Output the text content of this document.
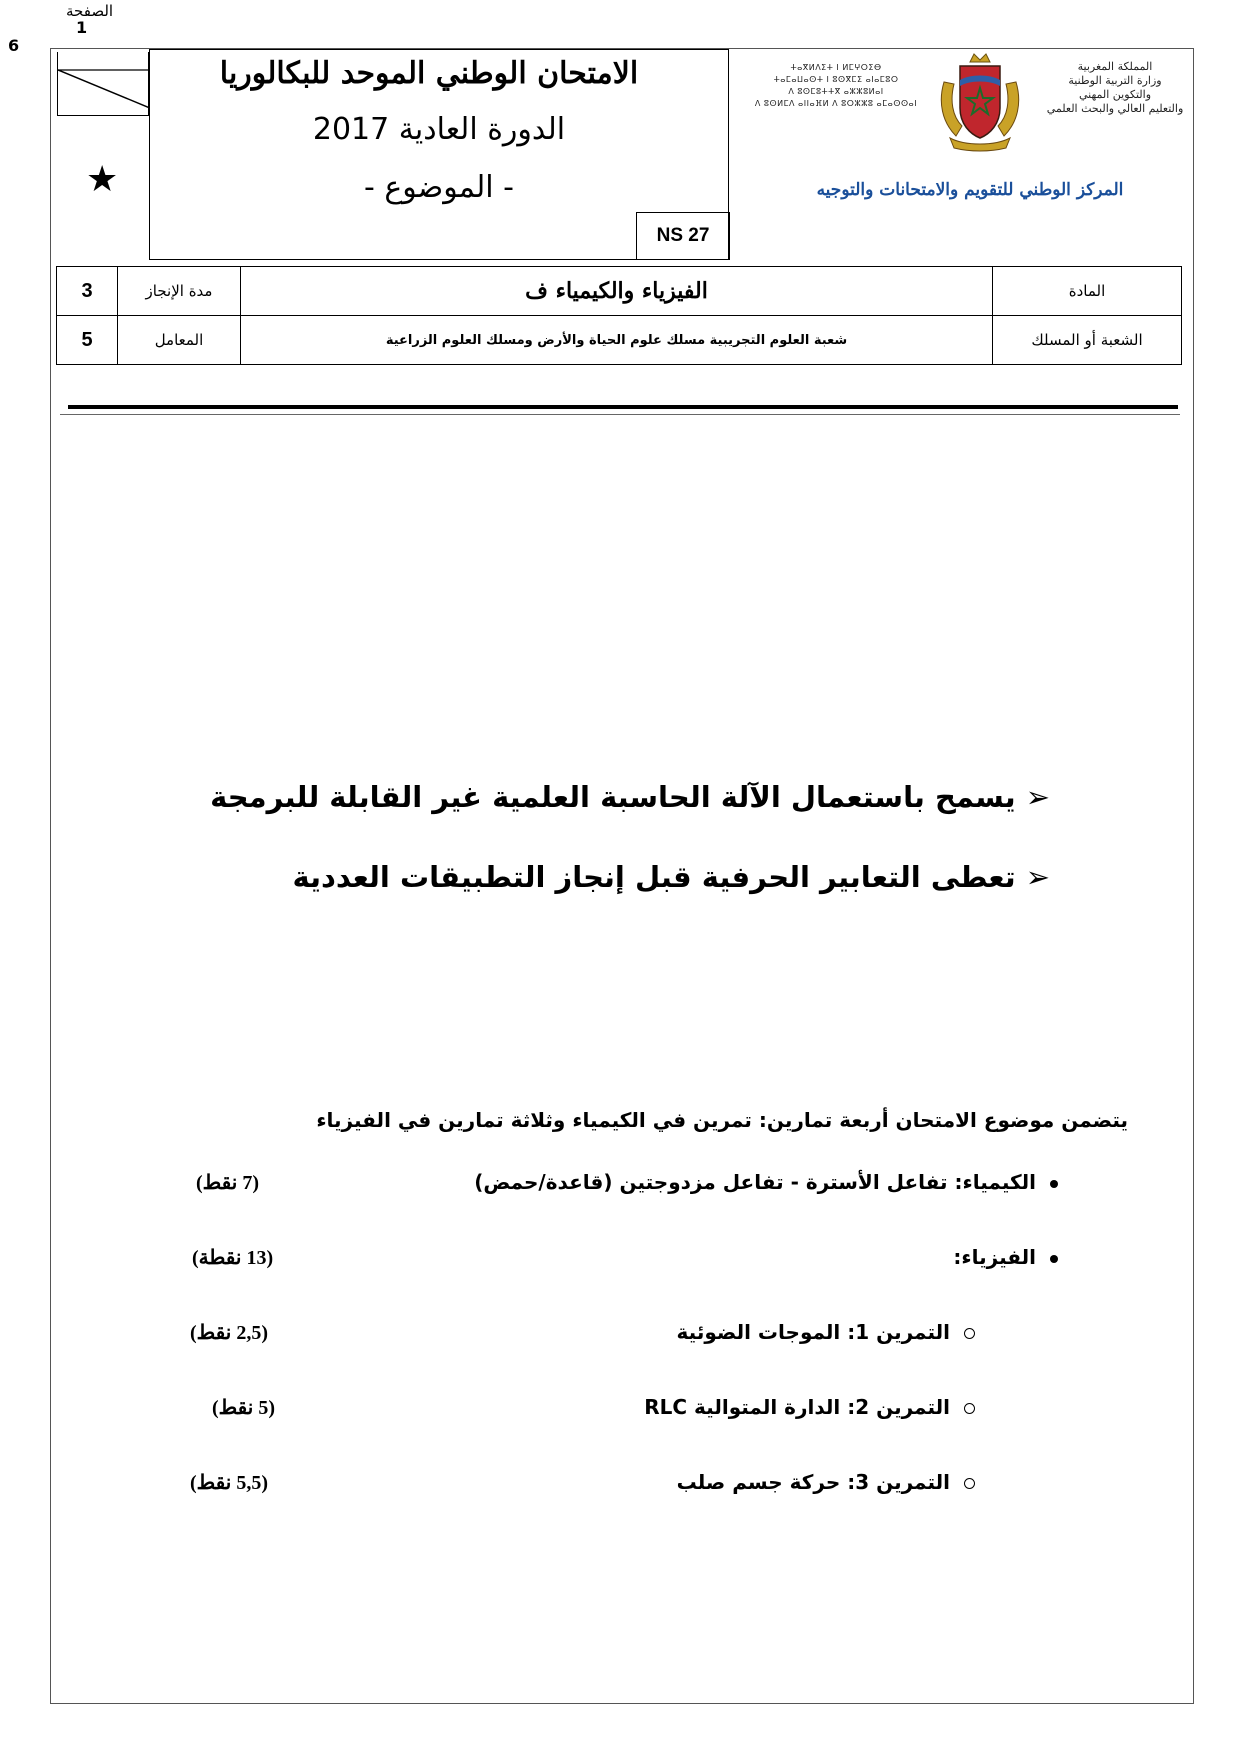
الصفحة
1
6
★
الامتحان الوطني الموحد للبكالوريا
الدورة العادية 2017
- الموضوع -
NS 27
ⵜⴰⴳⵍⴷⵉⵜ ⵏ ⵍⵎⵖⵔⵉⴱ
ⵜⴰⵎⴰⵡⴰⵙⵜ ⵏ ⵓⵙⴳⵎⵉ ⴰⵏⴰⵎⵓⵔ
ⴷ ⵓⵙⵎⵓⵜⵜⴳ ⴰⵣⵣⵓⵍⴰⵏ
ⴷ ⵓⵙⵍⵎⴷ ⴰⵏⵏⴰⴼⵍ ⴷ ⵓⵔⵣⵣⵓ ⴰⵎⴰⵙⵙⴰⵏ
المملكة المغربية
وزارة التربية الوطنية
والتكوين المهني
والتعليم العالي والبحث العلمي
المركز الوطني للتقويم والامتحانات والتوجيه
3	مدة الإنجاز	الفيزياء والكيمياء ف	المادة
5	المعامل	شعبة العلوم التجريبية مسلك علوم الحياة والأرض ومسلك العلوم الزراعية	الشعبة أو المسلك
➢يسمح باستعمال الآلة الحاسبة العلمية غير القابلة للبرمجة
➢تعطى التعابير الحرفية قبل إنجاز التطبيقات العددية
يتضمن موضوع الامتحان أربعة تمارين: تمرين في الكيمياء وثلاثة تمارين في الفيزياء
الكيمياء: تفاعل الأسترة - تفاعل مزدوجتين (قاعدة/حمض)
(7 نقط)
الفيزياء:
(13 نقطة)
التمرين 1: الموجات الضوئية
(2,5 نقط)
التمرين 2: الدارة المتوالية RLC
(5 نقط)
التمرين 3: حركة جسم صلب
(5,5 نقط)
